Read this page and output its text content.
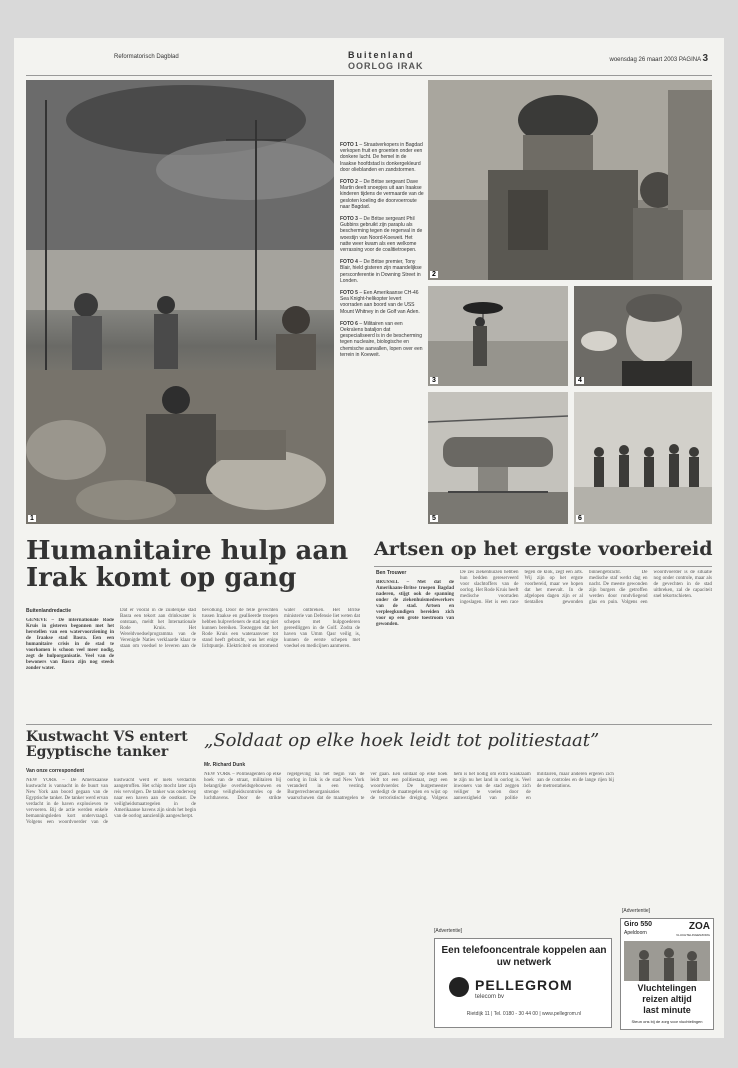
Reformatorisch Dagblad	Buitenland
OORLOG IRAK
woensdag 26 maart 2003 PAGINA 3
1

FOTO 1 – Straatverkopers in Bagdad verkopen fruit en groenten onder een donkere lucht. De hemel in de Iraakse hoofdstad is donkergekleurd door olieblanden en zandstormen.

FOTO 2 – De Britse sergeant Dave Martin deelt snoepjes uit aan Iraakse kinderen tijdens de vermaarde van de gesloten koeling die doorvoerroute naar Bagdad.

FOTO 3 – De Britse sergeant Phil Gubbins gebruikt zijn paraplu als bescherming tegen de regenval in de woestijn van Noord-Koeweit. Het natte weer kwam als een welkome verrassing voor de coalitietroepen.

FOTO 4 – De Britse premier, Tony Blair, hield gisteren zijn maandelijkse persconferentie in Downing Street in Londen.

FOTO 5 – Een Amerikaanse CH-46 Sea Knight-helikopter levert voorraden aan boord van de USS Mount Whitney in de Golf van Aden.

FOTO 6 – Militairen van een Oekraïens bataljon dat gespecialiseerd is in de bescherming tegen nucleaire, biologische en chemische aanvallen, lopen over een terrein in Koeweit.

2
3	4
5	6
Humanitaire hulp aan Irak komt op gang
Buitenlandredactie
GENEVE – De internationale Rode Kruis in gisteren begonnen met het herstellen van een watervoorziening in de Iraakse stad Basra. Een een humanitaire crisis in de stad te voorkomen is schoon veel meer nodig, zegt de hulporganisatie. Veel van de bewoners van Basra zijn nog steeds zonder water.
Dat er vooral in de zuidelijke stad Basra een tekort aan drinkwater is ontstaan, meldt het Internationale Rode Kruis. Het Wereldvoedselprogramma van de Verenigde Naties verklaarde klaar te staan om voedsel te leveren aan de bevolking. Door de felle gevechten tussen Iraakse en geallieerde troepen hebben hulpverleners de stad nog niet kunnen bereiken. Toezeggen dat het Rode Kruis een wateraanvoer tot stand heeft gebracht, was het enige lichtpuntje. Elektriciteit en stromend water ontbreken. Het Britse ministerie van Defensie liet weten dat schepen met hulpgoederen gereedliggen in de Golf. Zodra de haven van Umm Qasr veilig is, kunnen de eerste schepen met voedsel en medicijnen aanmeren.
Artsen op het ergste voorbereid
Ben Trouwer
BRUSSEL – Met dat de Amerikaans-Britse troepen Bagdad naderen, stijgt ook de spanning onder de ziekenhuismedewerkers van de stad. Artsen en verpleegkundigen bereiden zich voor op een grote toestroom van gewonden.
De zes ziekenhuizen hebben hun bedden gereserveerd voor slachtoffers van de oorlog. Het Rode Kruis heeft medische voorraden ingeslagen. Het is een race tegen de klok, zegt een arts. Wij zijn op het ergste voorbereid, maar we hopen dat het meevalt. In de afgelopen dagen zijn er al tientallen gewonden binnengebracht. De medische staf werkt dag en nacht. De meeste gewonden zijn burgers die getroffen werden door rondvliegend glas en puin. Volgens een woordvoerder is de situatie nog onder controle, maar als de gevechten in de stad uitbreken, zal de capaciteit snel tekortschieten.
Kustwacht VS entert Egyptische tanker
Van onze correspondent
NEW YORK – De Amerikaanse kustwacht is vannacht in de buurt van New York aan boord gegaan van de Egyptische tanker. De tanker werd ervan verdacht in de haven explosieven te vervoeren. Bij de actie werden enkele bemanningsleden kort ondervraagd. Volgens een woordvoerder van de kustwacht werd er niets verdachts aangetroffen. Het schip mocht later zijn reis vervolgen. De tanker was onderweg naar een haven aan de oostkust. De veiligheidsmaatregelen in de Amerikaanse havens zijn sinds het begin van de oorlog aanzienlijk aangescherpt.
„Soldaat op elke hoek leidt tot politiestaat”
Mr. Richard Dunk
NEW YORK – Politieagenten op elke hoek van de straat, militairen bij belangrijke overheidsgebouwen en strenge veiligheidscontroles op de luchthavens. Door de strikte regelgeving na het begin van de oorlog in Irak is de stad New York veranderd in een vesting. Burgerrechtenorganisaties waarschuwen dat de maatregelen te ver gaan. Een soldaat op elke hoek leidt tot een politiestaat, zegt een woordvoerder. De burgemeester verdedigt de maatregelen en wijst op de terroristische dreiging. Volgens hem is het nodig om extra waakzaam te zijn nu het land in oorlog is. Veel inwoners van de stad zeggen zich veiliger te voelen door de aanwezigheid van politie en militairen, maar anderen ergeren zich aan de controles en de lange rijen bij de metrostations.
[Advertentie]
Een telefooncentrale koppelen aan uw netwerk
PELLEGROM
telecom bv
Rietdijk 11 | Tel. 0180 - 30 44 00 | www.pellegrom.nl
[Advertentie]
Giro 550
Apeldoorn
ZOA
VLUCHTELINGENZORG
Vluchtelingen
reizen altijd
last minute
Steun ons bij de zorg voor vluchtelingen
